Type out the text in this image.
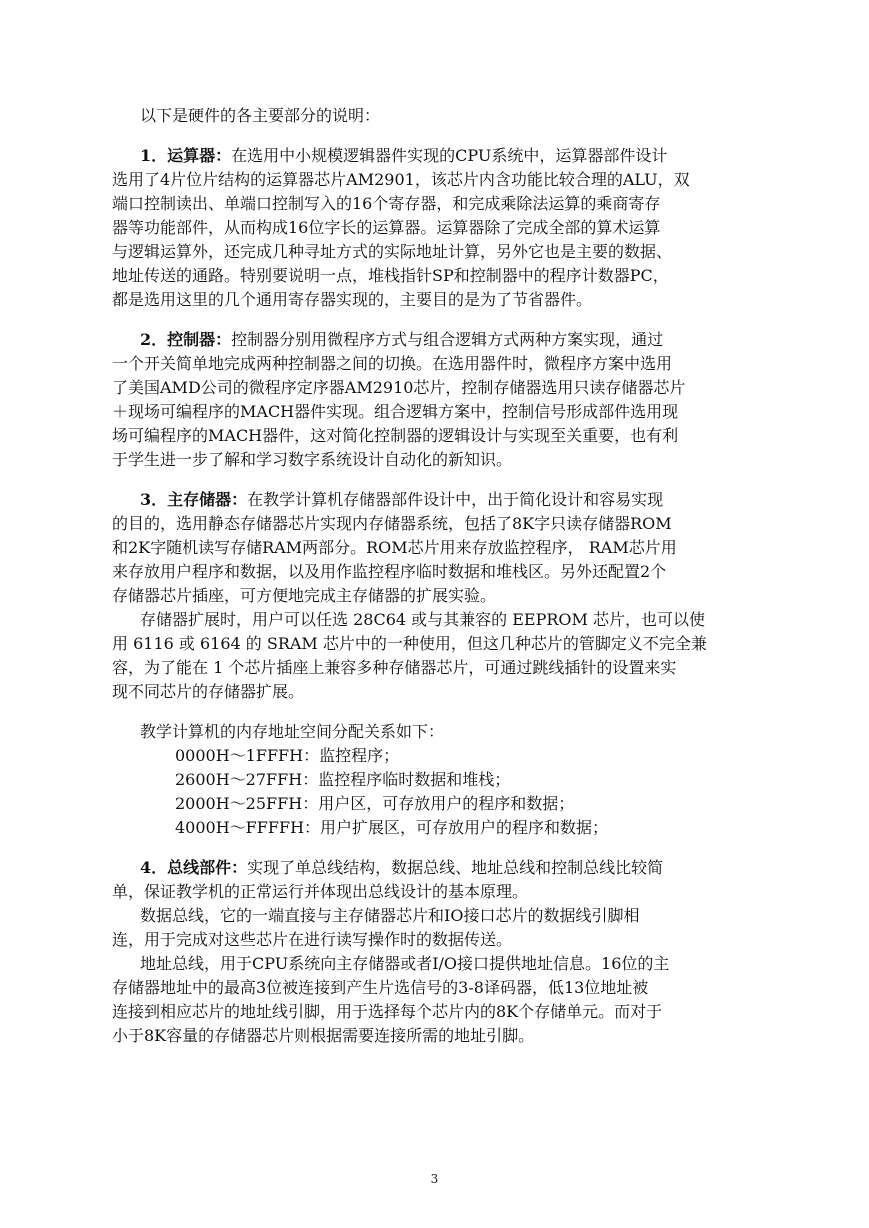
以下是硬件的各主要部分的说明：
1．运算器：在选用中小规模逻辑器件实现的CPU系统中，运算器部件设计
选用了4片位片结构的运算器芯片AM2901，该芯片内含功能比较合理的ALU，双
端口控制读出、单端口控制写入的16个寄存器，和完成乘除法运算的乘商寄存
器等功能部件，从而构成16位字长的运算器。运算器除了完成全部的算术运算
与逻辑运算外，还完成几种寻址方式的实际地址计算，另外它也是主要的数据、
地址传送的通路。特别要说明一点，堆栈指针SP和控制器中的程序计数器PC，
都是选用这里的几个通用寄存器实现的，主要目的是为了节省器件。
2．控制器：控制器分别用微程序方式与组合逻辑方式两种方案实现，通过
一个开关简单地完成两种控制器之间的切换。在选用器件时，微程序方案中选用
了美国AMD公司的微程序定序器AM2910芯片，控制存储器选用只读存储器芯片
＋现场可编程序的MACH器件实现。组合逻辑方案中，控制信号形成部件选用现
场可编程序的MACH器件，这对简化控制器的逻辑设计与实现至关重要，也有利
于学生进一步了解和学习数字系统设计自动化的新知识。
3．主存储器：在教学计算机存储器部件设计中，出于简化设计和容易实现
的目的，选用静态存储器芯片实现内存储器系统，包括了8K字只读存储器ROM
和2K字随机读写存储RAM两部分。ROM芯片用来存放监控程序， RAM芯片用
来存放用户程序和数据，以及用作监控程序临时数据和堆栈区。另外还配置2个
存储器芯片插座，可方便地完成主存储器的扩展实验。
存储器扩展时，用户可以任选 28C64 或与其兼容的 EEPROM 芯片，也可以使
用 6116 或 6164 的 SRAM 芯片中的一种使用，但这几种芯片的管脚定义不完全兼
容，为了能在 1 个芯片插座上兼容多种存储器芯片，可通过跳线插针的设置来实
现不同芯片的存储器扩展。
教学计算机的内存地址空间分配关系如下：
0000H～1FFFH：监控程序；
2600H～27FFH：监控程序临时数据和堆栈；
2000H～25FFH：用户区，可存放用户的程序和数据；
4000H～FFFFH：用户扩展区，可存放用户的程序和数据；
4．总线部件：实现了单总线结构，数据总线、地址总线和控制总线比较简
单，保证教学机的正常运行并体现出总线设计的基本原理。
数据总线，它的一端直接与主存储器芯片和IO接口芯片的数据线引脚相
连，用于完成对这些芯片在进行读写操作时的数据传送。
地址总线，用于CPU系统向主存储器或者I/O接口提供地址信息。16位的主
存储器地址中的最高3位被连接到产生片选信号的3-8译码器，低13位地址被
连接到相应芯片的地址线引脚，用于选择每个芯片内的8K个存储单元。而对于
小于8K容量的存储器芯片则根据需要连接所需的地址引脚。
3
